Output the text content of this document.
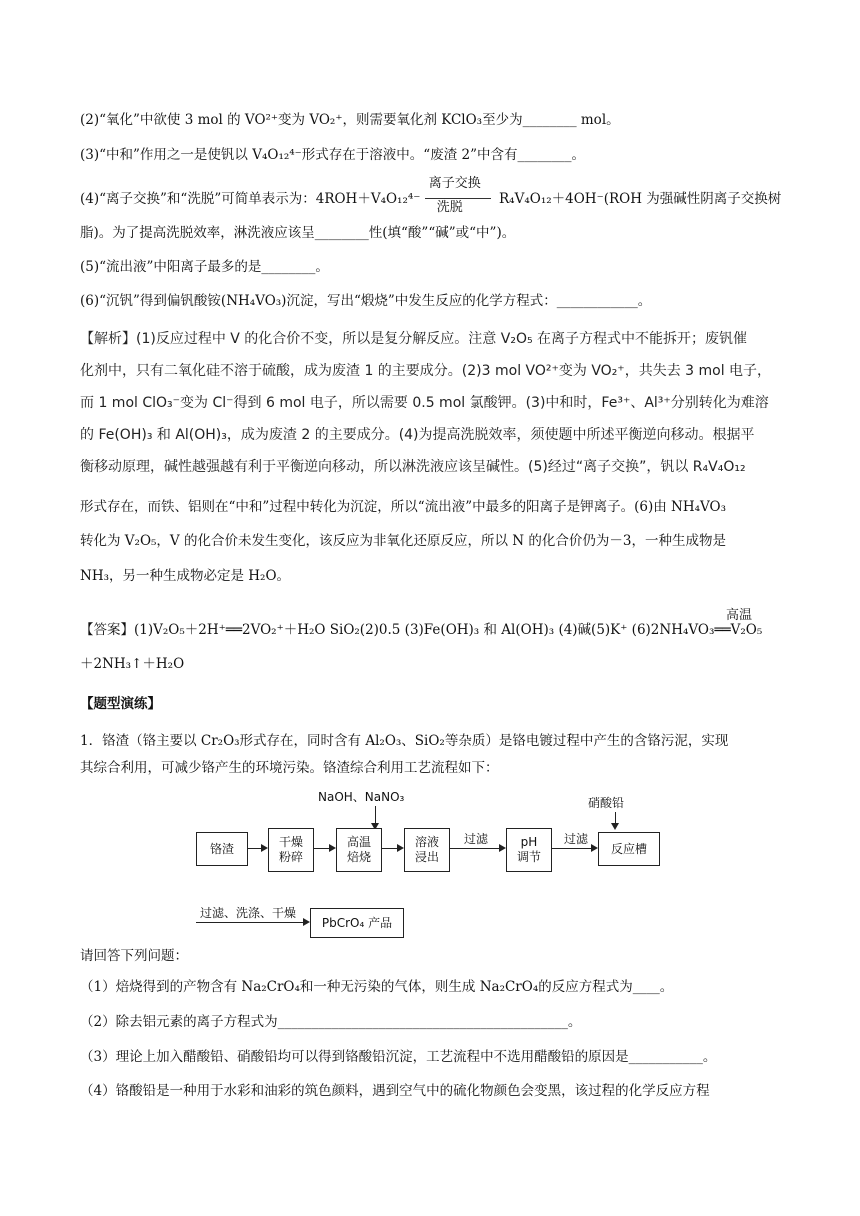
(2)“氧化”中欲使 3 mol 的 VO²⁺变为 VO₂⁺，则需要氧化剂 KClO₃至少为________ mol。
(3)“中和”作用之一是使钒以 V₄O₁₂⁴⁻形式存在于溶液中。“废渣 2”中含有________。
(4)“离子交换”和“洗脱”可简单表示为：4ROH＋V₄O₁₂⁴⁻
离子交换
洗脱	R₄V₄O₁₂＋4OH⁻(ROH 为强碱性阴离子交换树
脂)。为了提高洗脱效率，淋洗液应该呈________性(填“酸”“碱”或“中”)。
(5)“流出液”中阳离子最多的是________。
(6)“沉钒”得到偏钒酸铵(NH₄VO₃)沉淀，写出“煅烧”中发生反应的化学方程式：____________。
【解析】(1)反应过程中 V 的化合价不变，所以是复分解反应。注意 V₂O₅ 在离子方程式中不能拆开；废钒催
化剂中，只有二氧化硅不溶于硫酸，成为废渣 1 的主要成分。(2)3 mol VO²⁺变为 VO₂⁺，共失去 3 mol 电子，
而 1 mol ClO₃⁻变为 Cl⁻得到 6 mol 电子，所以需要 0.5 mol 氯酸钾。(3)中和时，Fe³⁺、Al³⁺分别转化为难溶
的 Fe(OH)₃ 和 Al(OH)₃，成为废渣 2 的主要成分。(4)为提高洗脱效率，须使题中所述平衡逆向移动。根据平
衡移动原理，碱性越强越有利于平衡逆向移动，所以淋洗液应该呈碱性。(5)经过“离子交换”，钒以 R₄V₄O₁₂
形式存在，而铁、铝则在“中和”过程中转化为沉淀，所以“流出液”中最多的阳离子是钾离子。(6)由 NH₄VO₃
转化为 V₂O₅，V 的化合价未发生变化，该反应为非氧化还原反应，所以 N 的化合价仍为－3，一种生成物是
NH₃，另一种生成物必定是 H₂O。
【答案】(1)V₂O₅＋2H⁺══2VO₂⁺＋H₂O SiO₂(2)0.5 (3)Fe(OH)₃ 和 Al(OH)₃ (4)碱(5)K⁺ (6)2NH₄VO₃══V₂O₅
高温
＋2NH₃↑＋H₂O
【题型演练】
1．铬渣（铬主要以 Cr₂O₃形式存在，同时含有 Al₂O₃、SiO₂等杂质）是铬电镀过程中产生的含铬污泥，实现
其综合利用，可减少铬产生的环境污染。铬渣综合利用工艺流程如下：
NaOH、NaNO₃	硝酸铅
铬渣	干燥
粉碎
高温
焙烧
溶液
浸出
过滤	pH
调节
过滤
反应槽
过滤、洗涤、干燥
PbCrO₄ 产品
请回答下列问题：
（1）焙烧得到的产物含有 Na₂CrO₄和一种无污染的气体，则生成 Na₂CrO₄的反应方程式为____。
（2）除去铝元素的离子方程式为___________________________________________。
（3）理论上加入醋酸铅、硝酸铅均可以得到铬酸铅沉淀，工艺流程中不选用醋酸铅的原因是___________。
（4）铬酸铅是一种用于水彩和油彩的筑色颜料，遇到空气中的硫化物颜色会变黑，该过程的化学反应方程
